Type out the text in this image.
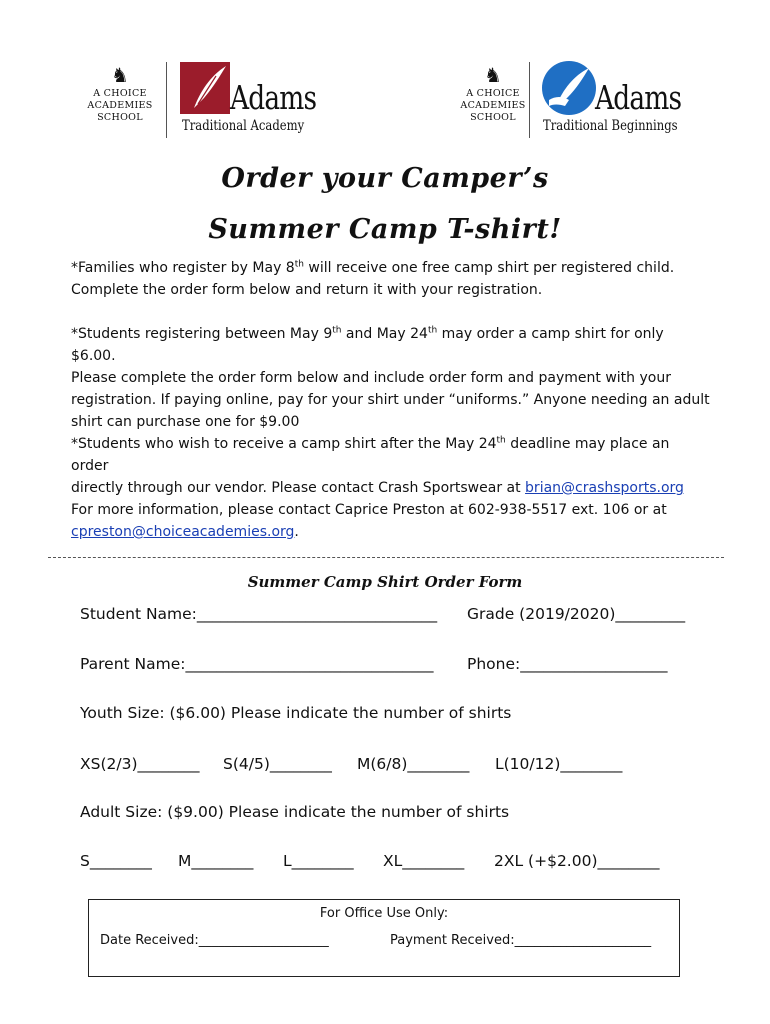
♞
A CHOICE
ACADEMIES
SCHOOL
Adams
Traditional Academy
♞
A CHOICE
ACADEMIES
SCHOOL
Adams
Traditional Beginnings
Order your Camper’s
Summer Camp T-shirt!
*Families who register by May 8th will receive one free camp shirt per registered child.
Complete the order form below and return it with your registration.
*Students registering between May 9th and May 24th may order a camp shirt for only $6.00.
Please complete the order form below and include order form and payment with your
registration. If paying online, pay for your shirt under “uniforms.” Anyone needing an adult
shirt can purchase one for $9.00
*Students who wish to receive a camp shirt after the May 24th deadline may place an order
directly through our vendor. Please contact Crash Sportswear at brian@crashsports.org
For more information, please contact Caprice Preston at 602-938-5517 ext. 106 or at
cpreston@choiceacademies.org.
Summer Camp Shirt Order Form
Student Name:_______________________________ Grade (2019/2020)_________
Parent Name:________________________________ Phone:___________________
Youth Size: ($6.00) Please indicate the number of shirts
XS(2/3)________ S(4/5)________ M(6/8)________ L(10/12)________
Adult Size: ($9.00) Please indicate the number of shirts
S________ M________ L________ XL________ 2XL (+$2.00)________
For Office Use Only:
Date Received:____________________	Payment Received:_____________________
